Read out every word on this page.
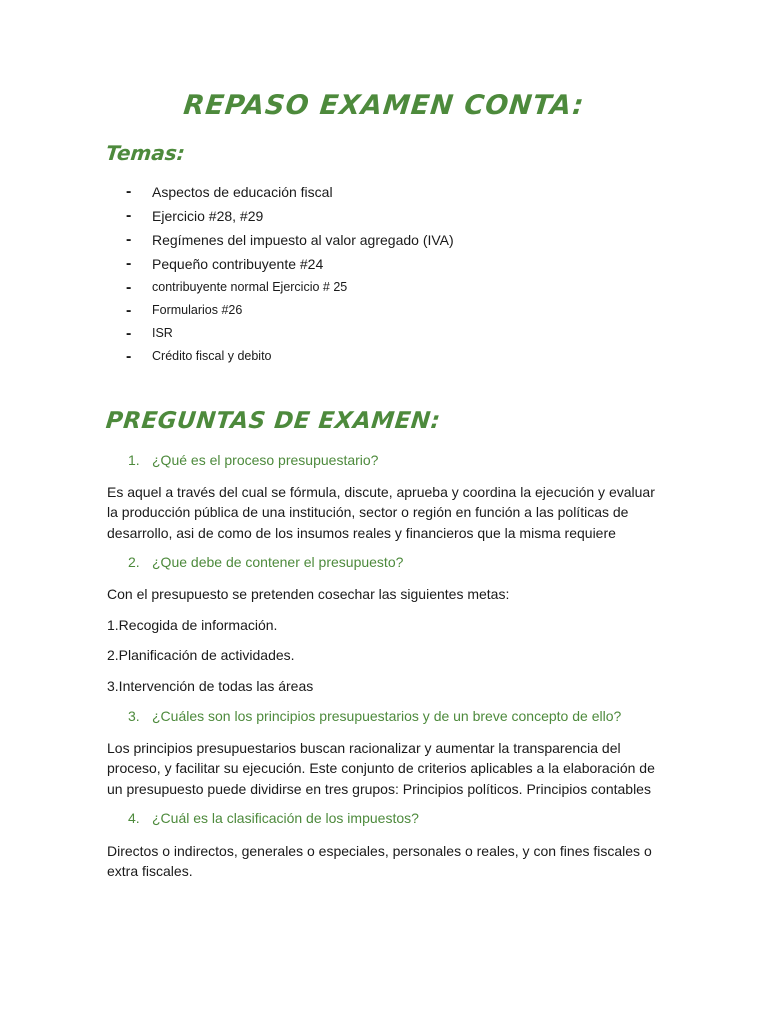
REPASO EXAMEN CONTA:
Temas:
- Aspectos de educación fiscal
- Ejercicio #28, #29
- Regímenes del impuesto al valor agregado (IVA)
- Pequeño contribuyente #24
- contribuyente normal Ejercicio # 25
- Formularios #26
- ISR
- Crédito fiscal y debito
PREGUNTAS DE EXAMEN:
1. ¿Qué es el proceso presupuestario?

Es aquel a través del cual se fórmula, discute, aprueba y coordina la ejecución y evaluar la producción pública de una institución, sector o región en función a las políticas de desarrollo, asi de como de los insumos reales y financieros que la misma requiere

2. ¿Que debe de contener el presupuesto?

Con el presupuesto se pretenden cosechar las siguientes metas:

1.Recogida de información.

2.Planificación de actividades.

3.Intervención de todas las áreas

3. ¿Cuáles son los principios presupuestarios y de un breve concepto de ello?

Los principios presupuestarios buscan racionalizar y aumentar la transparencia del proceso, y facilitar su ejecución. Este conjunto de criterios aplicables a la elaboración de un presupuesto puede dividirse en tres grupos: Principios políticos. Principios contables

4. ¿Cuál es la clasificación de los impuestos?

Directos o indirectos, generales o especiales, personales o reales, y con fines fiscales o extra fiscales.
